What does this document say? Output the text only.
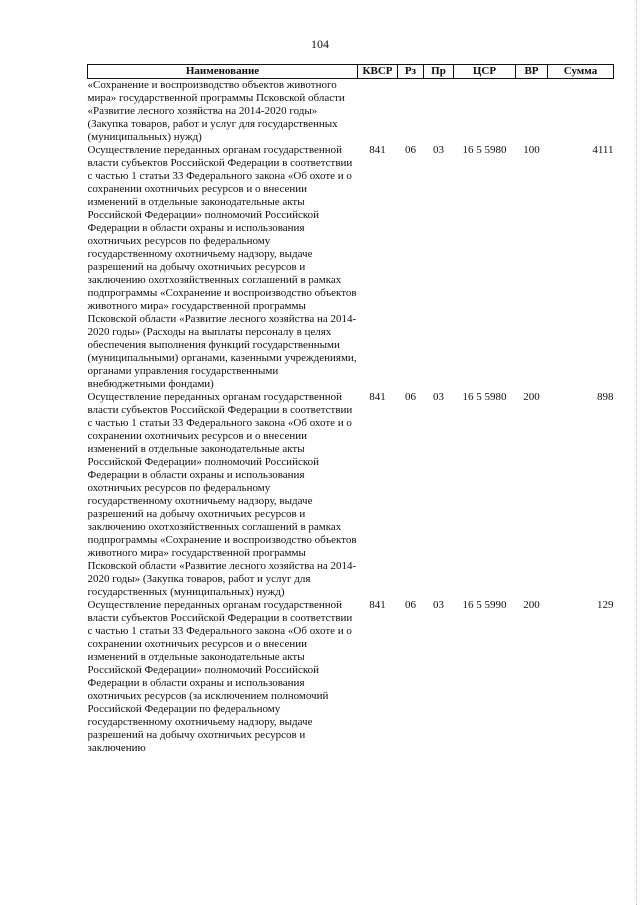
104
Наименование	КВСР	Рз	Пр	ЦСР	ВР	Сумма
«Сохранение и воспроизводство объектов животного мира» государственной программы Псковской области «Развитие лесного хозяйства на 2014-2020 годы» (Закупка товаров, работ и услуг для государственных (муниципальных) нужд)						
Осуществление переданных органам государственной власти субъектов Российской Федерации в соответствии с частью 1 статьи 33 Федерального закона «Об охоте и о сохранении охотничьих ресурсов и о внесении изменений в отдельные законодательные акты Российской Федерации» полномочий Российской Федерации в области охраны и использования охотничьих ресурсов по федеральному государственному охотничьему надзору, выдаче разрешений на добычу охотничьих ресурсов и заключению охотхозяйственных соглашений в рамках подпрограммы «Сохранение и воспроизводство объектов животного мира» государственной программы Псковской области «Развитие лесного хозяйства на 2014-2020 годы» (Расходы на выплаты персоналу в целях обеспечения выполнения функций государственными (муниципальными) органами, казенными учреждениями, органами управления государственными внебюджетными фондами)	841	06	03	16 5 5980	100	4111
Осуществление переданных органам государственной власти субъектов Российской Федерации в соответствии с частью 1 статьи 33 Федерального закона «Об охоте и о сохранении охотничьих ресурсов и о внесении изменений в отдельные законодательные акты Российской Федерации» полномочий Российской Федерации в области охраны и использования охотничьих ресурсов по федеральному государственному охотничьему надзору, выдаче разрешений на добычу охотничьих ресурсов и заключению охотхозяйственных соглашений в рамках подпрограммы «Сохранение и воспроизводство объектов животного мира» государственной программы Псковской области «Развитие лесного хозяйства на 2014-2020 годы» (Закупка товаров, работ и услуг для государственных (муниципальных) нужд)	841	06	03	16 5 5980	200	898
Осуществление переданных органам государственной власти субъектов Российской Федерации в соответствии с частью 1 статьи 33 Федерального закона «Об охоте и о сохранении охотничьих ресурсов и о внесении изменений в отдельные законодательные акты Российской Федерации» полномочий Российской Федерации в области охраны и использования охотничьих ресурсов (за исключением полномочий Российской Федерации по федеральному государственному охотничьему надзору, выдаче разрешений на добычу охотничьих ресурсов и заключению	841	06	03	16 5 5990	200	129
